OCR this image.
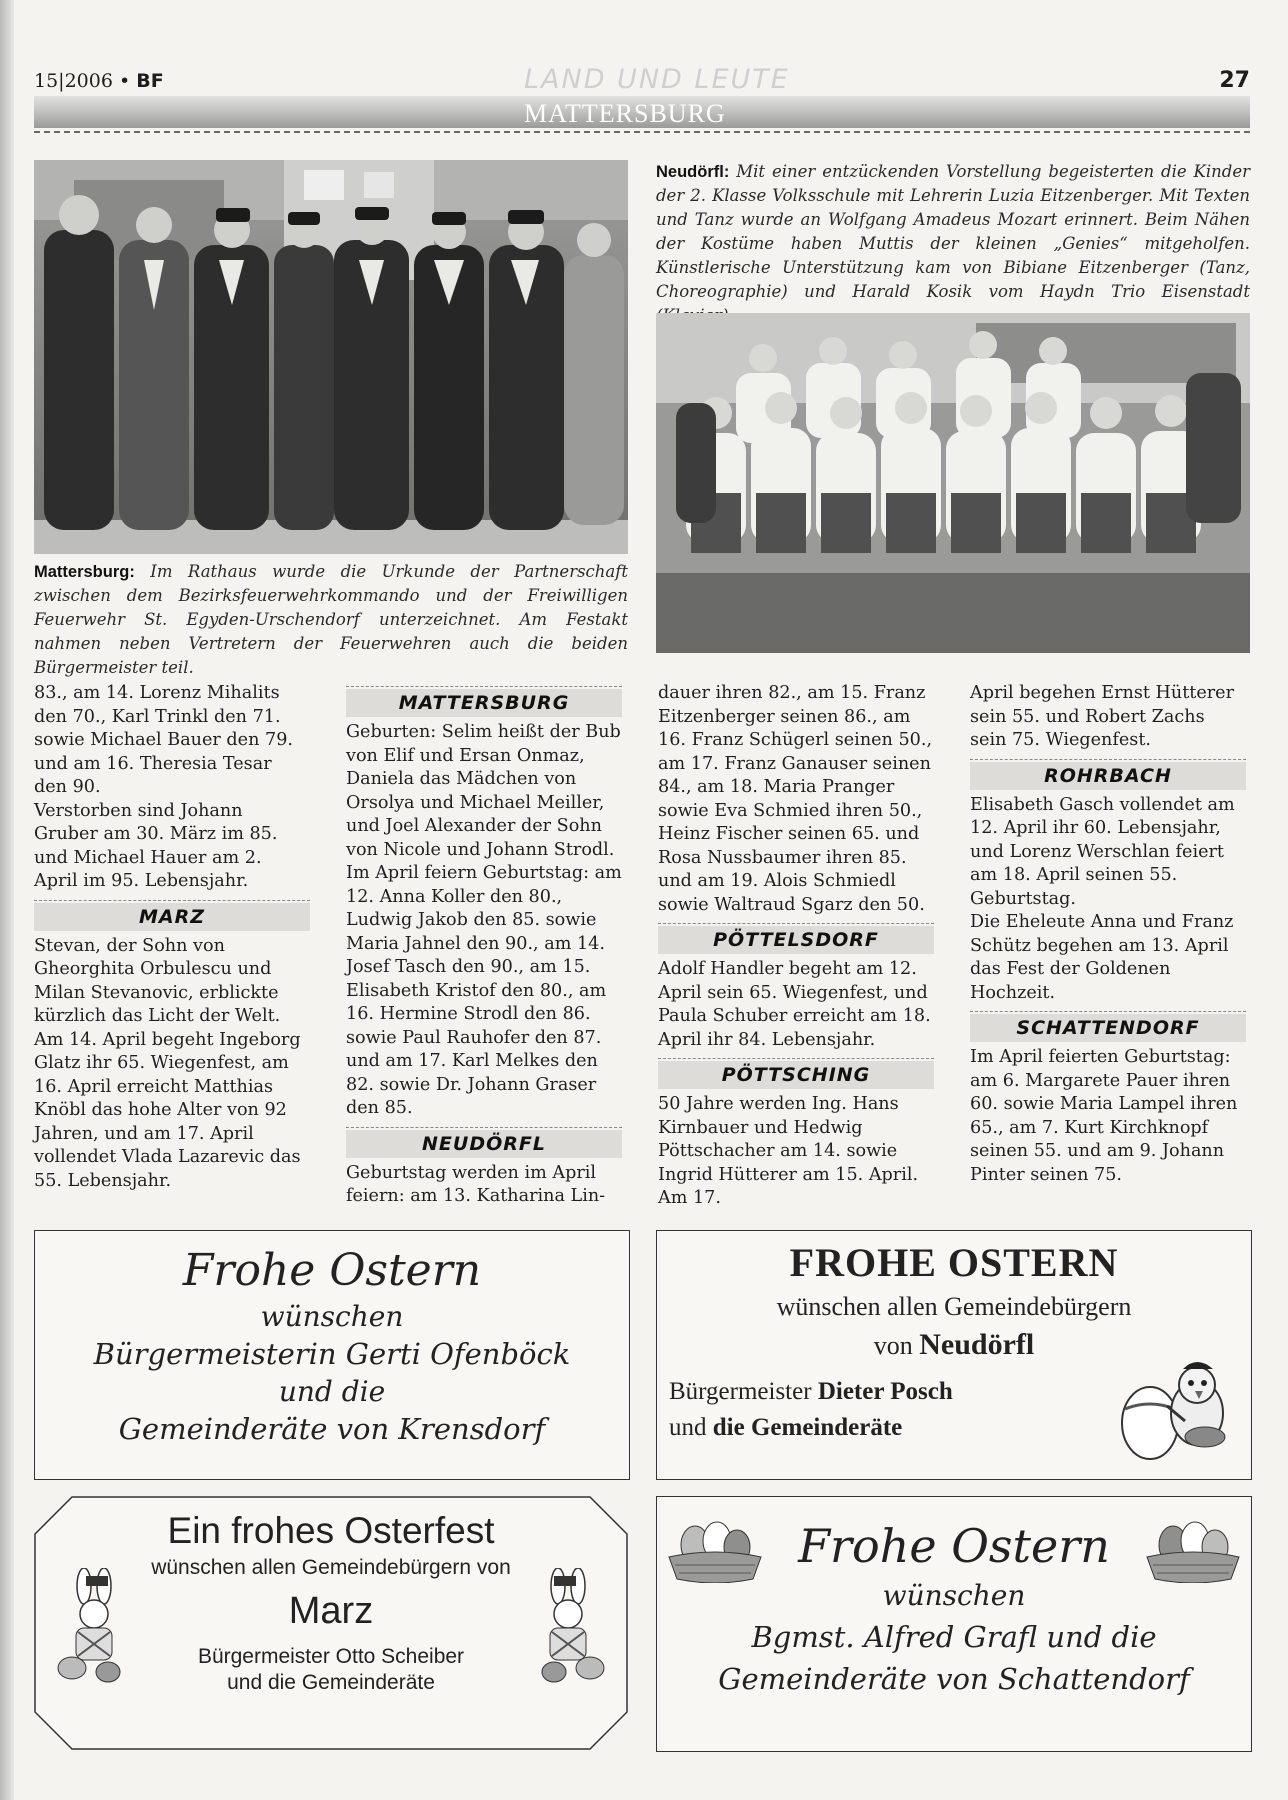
15|2006 • BF	LAND UND LEUTE	27
MATTERSBURG
Mattersburg: Im Rathaus wurde die Urkunde der Partnerschaft zwischen dem Bezirksfeuerwehrkommando und der Freiwilligen Feuerwehr St. Egyden-Urschendorf unterzeichnet. Am Festakt nahmen neben Vertretern der Feuerwehren auch die beiden Bürgermeister teil.
Neudörfl: Mit einer entzückenden Vorstellung begeisterten die Kinder der 2. Klasse Volksschule mit Lehrerin Luzia Eitzenberger. Mit Texten und Tanz wurde an Wolfgang Amadeus Mozart erinnert. Beim Nähen der Kostüme haben Muttis der kleinen „Genies“ mitgeholfen. Künstlerische Unterstützung kam von Bibiane Eitzenberger (Tanz, Choreographie) und Harald Kosik vom Haydn Trio Eisenstadt

83., am 14. Lorenz Mihalits den 70., Karl Trinkl den 71. sowie Michael Bauer den 79. und am 16. Theresia Tesar den 90.

Verstorben sind Johann Gruber am 30. März im 85. und Michael Hauer am 2. April im 95. Lebensjahr.

MARZ

Stevan, der Sohn von Gheorghita Orbulescu und Milan Stevanovic, erblickte kürzlich das Licht der Welt.

Am 14. April begeht Ingeborg Glatz ihr 65. Wiegenfest, am 16. April erreicht Matthias Knöbl das hohe Alter von 92 Jahren, und am 17. April vollendet Vlada Lazarevic das 55. Lebensjahr.

MATTERSBURG

Geburten: Selim heißt der Bub von Elif und Ersan Onmaz, Daniela das Mädchen von Orsolya und Michael Meiller, und Joel Alexander der Sohn von Nicole und Johann Strodl.

Im April feiern Geburtstag: am 12. Anna Koller den 80., Ludwig Jakob den 85. sowie Maria Jahnel den 90., am 14. Josef Tasch den 90., am 15. Elisabeth Kristof den 80., am 16. Hermine Strodl den 86. sowie Paul Rauhofer den 87. und am 17. Karl Melkes den 82. sowie Dr. Johann Graser den 85.

NEUDÖRFL

Geburtstag werden im April feiern: am 13. Katharina Lin-

dauer ihren 82., am 15. Franz Eitzenberger seinen 86., am 16. Franz Schügerl seinen 50., am 17. Franz Ganauser seinen 84., am 18. Maria Pranger sowie Eva Schmied ihren 50., Heinz Fischer seinen 65. und Rosa Nussbaumer ihren 85. und am 19. Alois Schmiedl sowie Waltraud Sgarz den 50.

PÖTTELSDORF

Adolf Handler begeht am 12. April sein 65. Wiegenfest, und Paula Schuber erreicht am 18. April ihr 84. Lebensjahr.

PÖTTSCHING

50 Jahre werden Ing. Hans Kirnbauer und Hedwig Pöttschacher am 14. sowie Ingrid Hütterer am 15. April. Am 17.

April begehen Ernst Hütterer sein 55. und Robert Zachs sein 75. Wiegenfest.

ROHRBACH

Elisabeth Gasch vollendet am 12. April ihr 60. Lebensjahr, und Lorenz Werschlan feiert am 18. April seinen 55. Geburtstag.

Die Eheleute Anna und Franz Schütz begehen am 13. April das Fest der Goldenen Hochzeit.

SCHATTENDORF

Im April feierten Geburtstag: am 6. Margarete Pauer ihren 60. sowie Maria Lampel ihren 65., am 7. Kurt Kirchknopf seinen 55. und am 9. Johann Pinter seinen 75.

Frohe Ostern
wünschen
Bürgermeisterin Gerti Ofenböck
und die
Gemeinderäte von Krensdorf
FROHE OSTERN
wünschen allen Gemeindebürgern
von Neudörfl
Bürgermeister Dieter Posch
und die Gemeinderäte
Ein frohes Osterfest
wünschen allen Gemeindebürgern von
Marz
Bürgermeister Otto Scheiber
und die Gemeinderäte
Frohe Ostern
wünschen
Bgmst. Alfred Grafl und die
Gemeinderäte von Schattendorf
